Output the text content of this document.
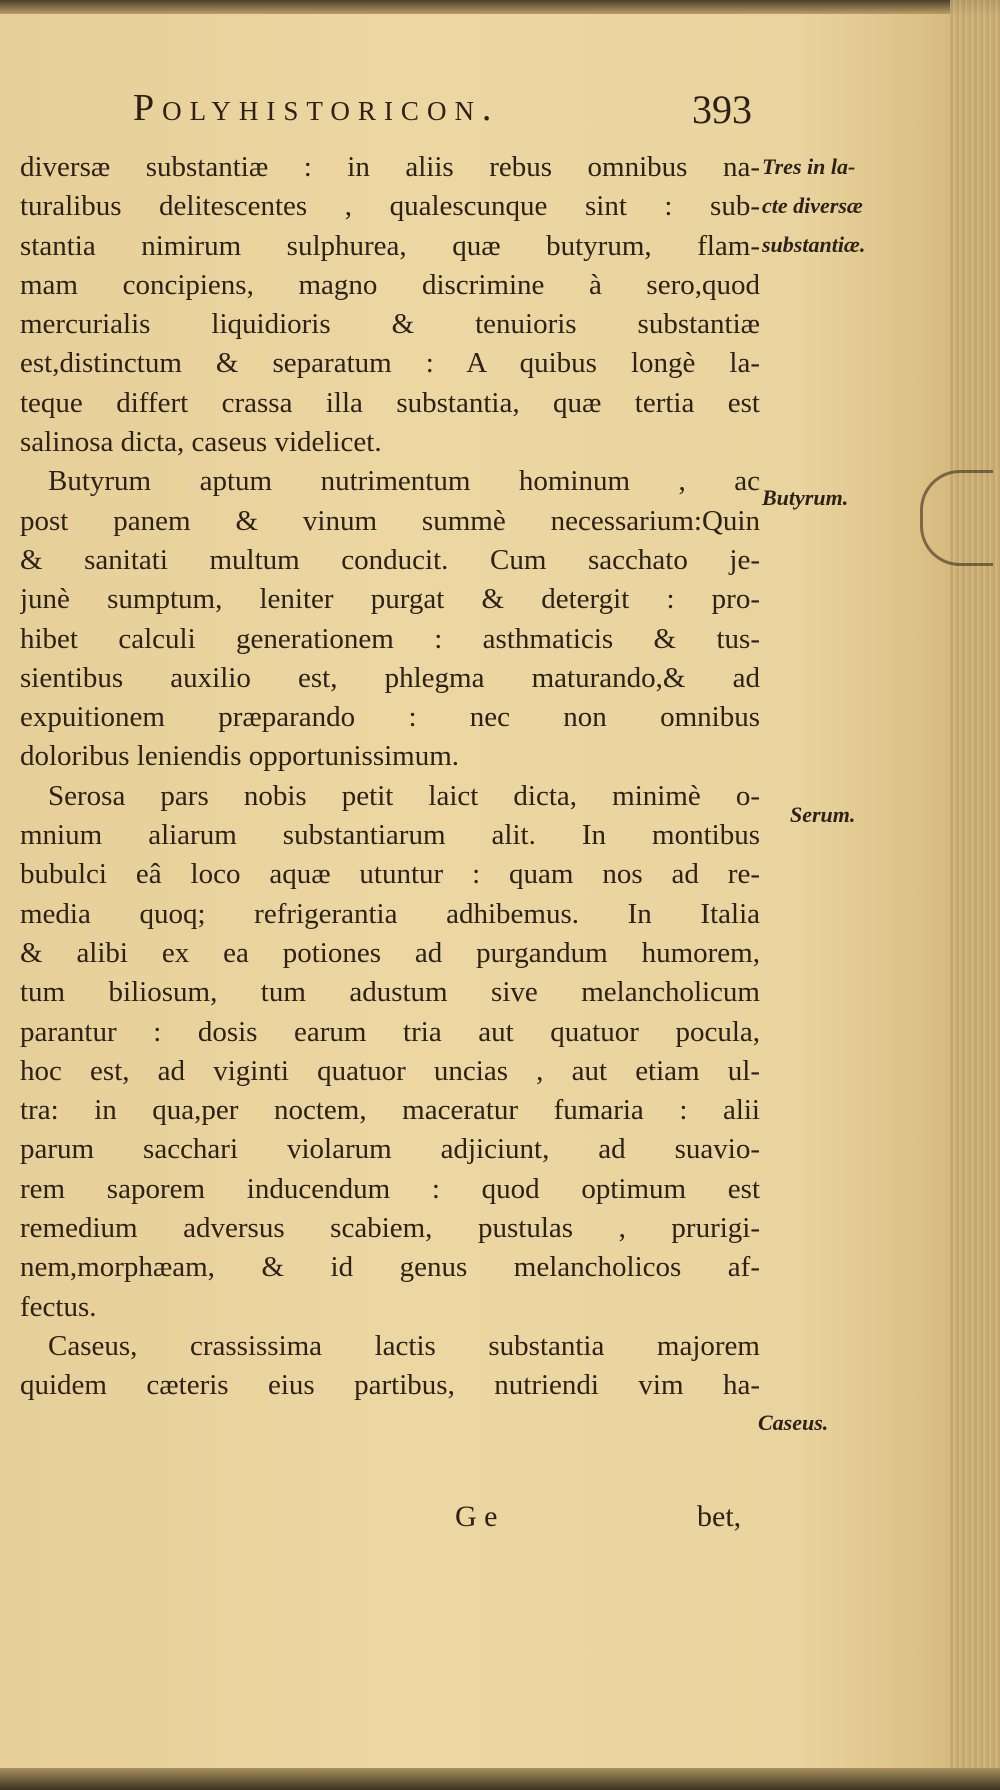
Polyhistoricon.	393
diversæ substantiæ : in aliis rebus omnibus na-
turalibus delitescentes , qualescunque sint : sub-
stantia nimirum sulphurea, quæ butyrum, flam-
mam concipiens, magno discrimine à sero,quod
mercurialis liquidioris & tenuioris substantiæ
est,distinctum & separatum : A quibus longè la-
teque differt crassa illa substantia, quæ tertia est
salinosa dicta, caseus videlicet.
Butyrum aptum nutrimentum hominum , ac
post panem & vinum summè necessarium:Quin
& sanitati multum conducit. Cum sacchato je-
junè sumptum, leniter purgat & detergit : pro-
hibet calculi generationem : asthmaticis & tus-
sientibus auxilio est, phlegma maturando,& ad
expuitionem præparando : nec non omnibus
doloribus leniendis opportunissimum.
Serosa pars nobis petit laict dicta, minimè o-
mnium aliarum substantiarum alit. In montibus
bubulci eâ loco aquæ utuntur : quam nos ad re-
media quoq; refrigerantia adhibemus. In Italia
& alibi ex ea potiones ad purgandum humorem,
tum biliosum, tum adustum sive melancholicum
parantur : dosis earum tria aut quatuor pocula,
hoc est, ad viginti quatuor uncias , aut etiam ul-
tra: in qua,per noctem, maceratur fumaria : alii
parum sacchari violarum adjiciunt, ad suavio-
rem saporem inducendum : quod optimum est
remedium adversus scabiem, pustulas , prurigi-
nem,morphæam, & id genus melancholicos af-
fectus.
Caseus, crassissima lactis substantia majorem
quidem cæteris eius partibus, nutriendi vim ha-
Tres in la-
cte diversæ
substantiæ.
Butyrum.
Serum.
Caseus.
G e	bet,
